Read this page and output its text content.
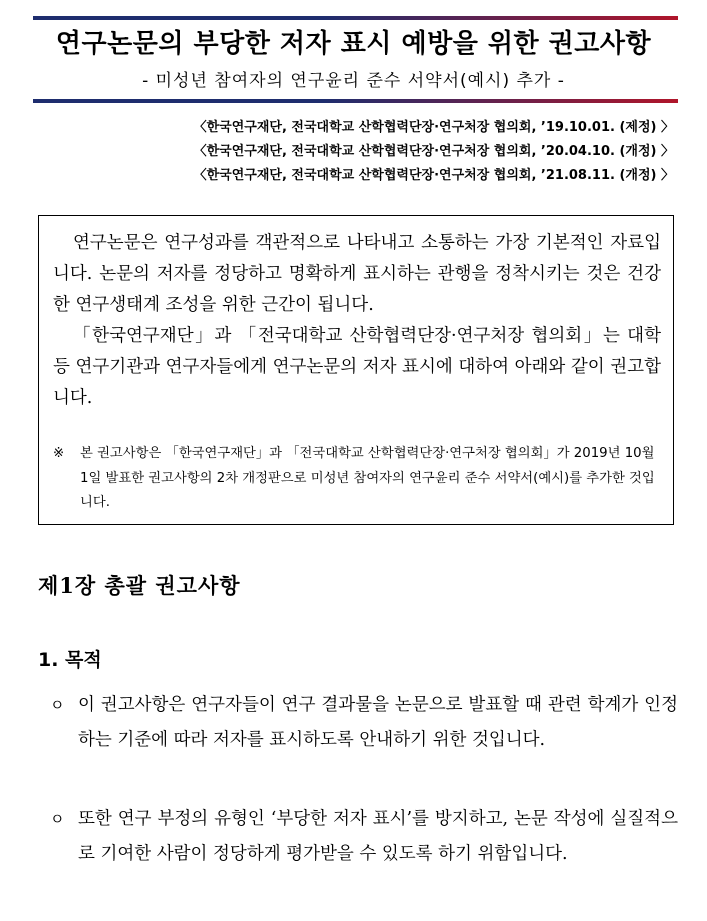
연구논문의 부당한 저자 표시 예방을 위한 권고사항
- 미성년 참여자의 연구윤리 준수 서약서(예시) 추가 -
〈한국연구재단, 전국대학교 산학협력단장·연구처장 협의회, ’19.10.01. (제정) 〉
〈한국연구재단, 전국대학교 산학협력단장·연구처장 협의회, ’20.04.10. (개정) 〉
〈한국연구재단, 전국대학교 산학협력단장·연구처장 협의회, ’21.08.11. (개정) 〉

연구논문은 연구성과를 객관적으로 나타내고 소통하는 가장 기본적인 자료입니다. 논문의 저자를 정당하고 명확하게 표시하는 관행을 정착시키는 것은 건강한 연구생태계 조성을 위한 근간이 됩니다.

「한국연구재단」과 「전국대학교 산학협력단장·연구처장 협의회」는 대학 등 연구기관과 연구자들에게 연구논문의 저자 표시에 대하여 아래와 같이 권고합니다.

※	본 권고사항은 「한국연구재단」과 「전국대학교 산학협력단장·연구처장 협의회」가 2019년 10월 1일 발표한 권고사항의 2차 개정판으로 미성년 참여자의 연구윤리 준수 서약서(예시)를 추가한 것입니다.
제1장 총괄 권고사항
1. 목적
ㅇ 이 권고사항은 연구자들이 연구 결과물을 논문으로 발표할 때 관련 학계가 인정하는 기준에 따라 저자를 표시하도록 안내하기 위한 것입니다.
ㅇ 또한 연구 부정의 유형인 ‘부당한 저자 표시’를 방지하고, 논문 작성에 실질적으로 기여한 사람이 정당하게 평가받을 수 있도록 하기 위함입니다.
